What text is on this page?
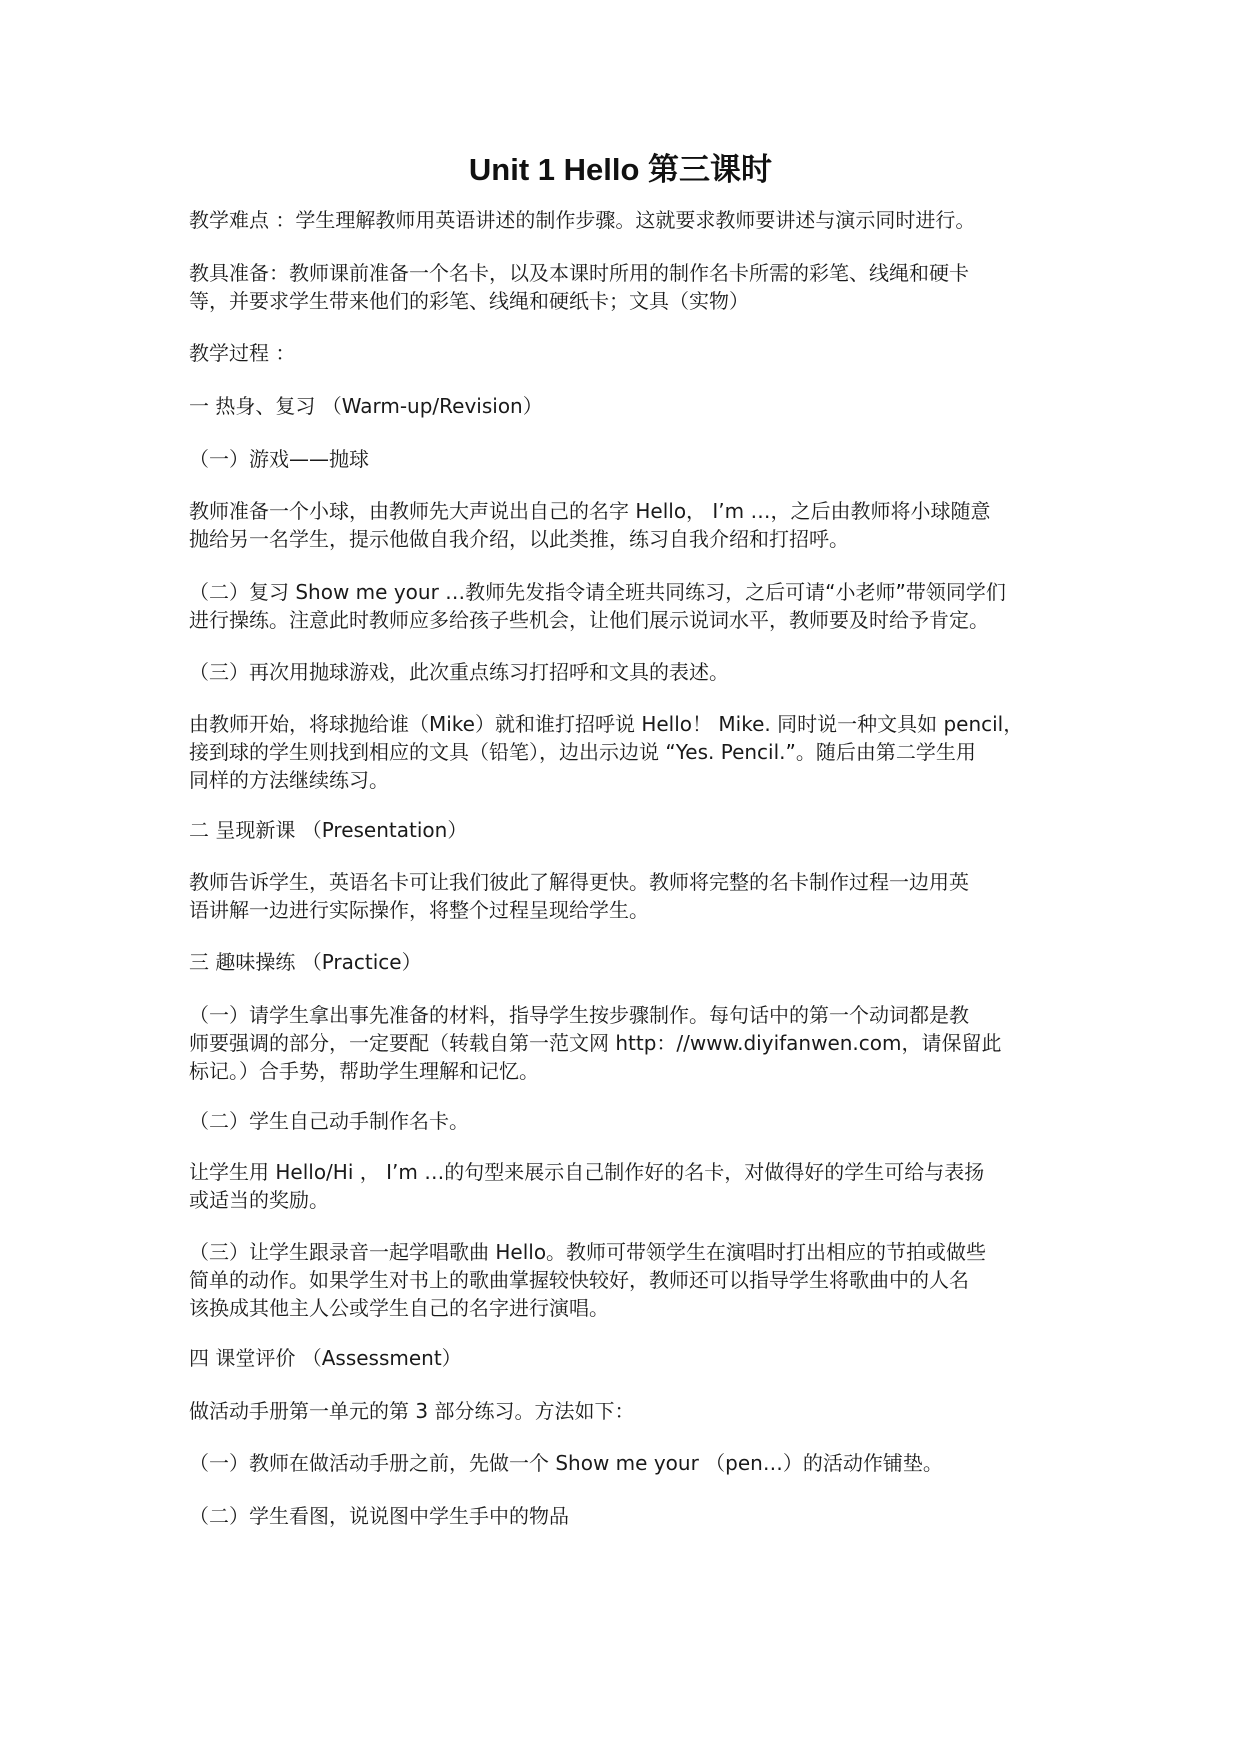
Unit 1 Hello 第三课时
教学难点 ：学生理解教师用英语讲述的制作步骤。这就要求教师要讲述与演示同时进行。
教具准备：教师课前准备一个名卡，以及本课时所用的制作名卡所需的彩笔、线绳和硬卡
等，并要求学生带来他们的彩笔、线绳和硬纸卡；文具（实物）
教学过程 ：
一 热身、复习 （Warm-up/Revision）
（一）游戏——抛球
教师准备一个小球，由教师先大声说出自己的名字 Hello， I’m …，之后由教师将小球随意
抛给另一名学生，提示他做自我介绍，以此类推，练习自我介绍和打招呼。
（二）复习 Show me your …教师先发指令请全班共同练习，之后可请“小老师”带领同学们
进行操练。注意此时教师应多给孩子些机会，让他们展示说词水平，教师要及时给予肯定。
（三）再次用抛球游戏，此次重点练习打招呼和文具的表述。
由教师开始，将球抛给谁（Mike）就和谁打招呼说 Hello！ Mike. 同时说一种文具如 pencil，
接到球的学生则找到相应的文具（铅笔），边出示边说 “Yes. Pencil.”。随后由第二学生用
同样的方法继续练习。
二 呈现新课 （Presentation）
教师告诉学生，英语名卡可让我们彼此了解得更快。教师将完整的名卡制作过程一边用英
语讲解一边进行实际操作，将整个过程呈现给学生。
三 趣味操练 （Practice）
（一）请学生拿出事先准备的材料，指导学生按步骤制作。每句话中的第一个动词都是教
师要强调的部分，一定要配（转载自第一范文网 http：//www.diyifanwen.com，请保留此
标记。）合手势，帮助学生理解和记忆。
（二）学生自己动手制作名卡。
让学生用 Hello/Hi ， I’m …的句型来展示自己制作好的名卡，对做得好的学生可给与表扬
或适当的奖励。
（三）让学生跟录音一起学唱歌曲 Hello。教师可带领学生在演唱时打出相应的节拍或做些
简单的动作。如果学生对书上的歌曲掌握较快较好，教师还可以指导学生将歌曲中的人名
该换成其他主人公或学生自己的名字进行演唱。
四 课堂评价 （Assessment）
做活动手册第一单元的第 3 部分练习。方法如下：
（一）教师在做活动手册之前，先做一个 Show me your （pen…）的活动作铺垫。
（二）学生看图，说说图中学生手中的物品
